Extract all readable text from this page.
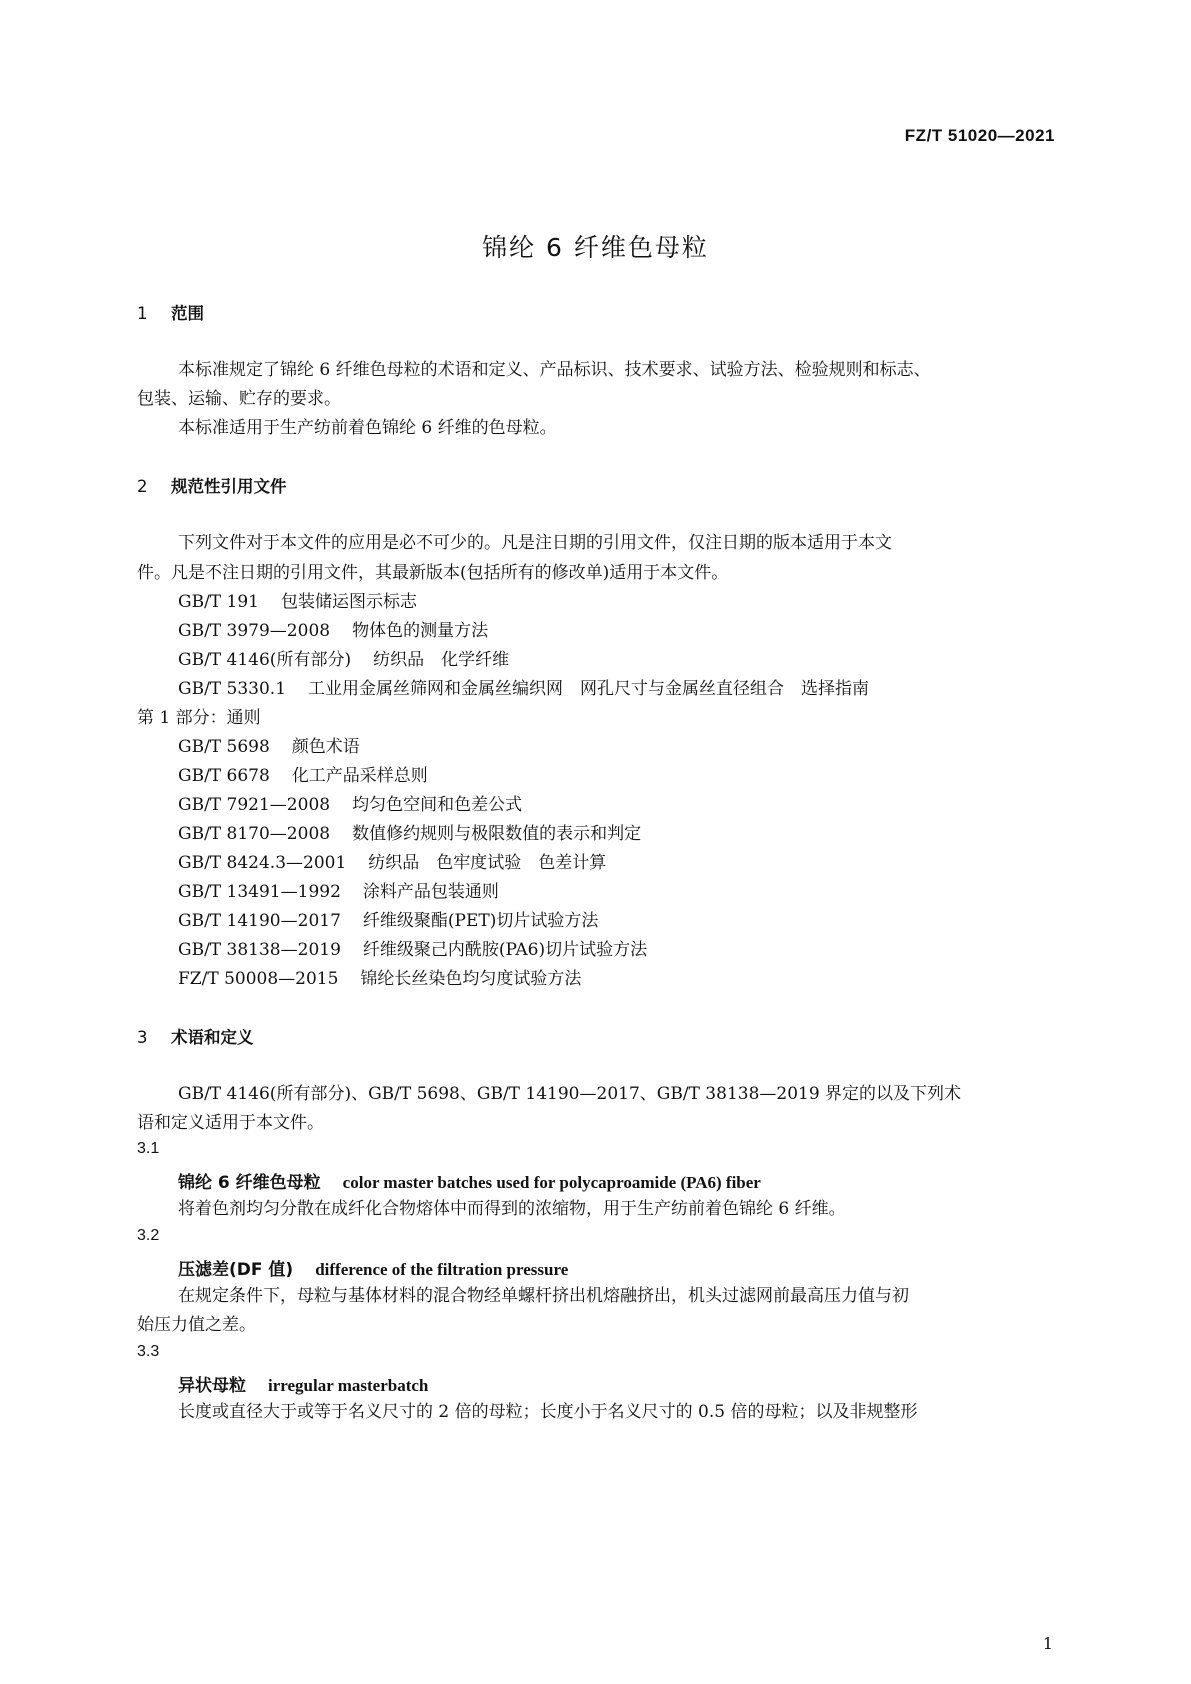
FZ/T 51020—2021
锦纶 6 纤维色母粒
1 范围
本标准规定了锦纶 6 纤维色母粒的术语和定义、产品标识、技术要求、试验方法、检验规则和标志、
包装、运输、贮存的要求。
本标准适用于生产纺前着色锦纶 6 纤维的色母粒。
2 规范性引用文件
下列文件对于本文件的应用是必不可少的。凡是注日期的引用文件，仅注日期的版本适用于本文
件。凡是不注日期的引用文件，其最新版本(包括所有的修改单)适用于本文件。
GB/T 191 包装储运图示标志
GB/T 3979—2008 物体色的测量方法
GB/T 4146(所有部分) 纺织品　化学纤维
GB/T 5330.1 工业用金属丝筛网和金属丝编织网　网孔尺寸与金属丝直径组合　选择指南
第 1 部分：通则
GB/T 5698 颜色术语
GB/T 6678 化工产品采样总则
GB/T 7921—2008 均匀色空间和色差公式
GB/T 8170—2008 数值修约规则与极限数值的表示和判定
GB/T 8424.3—2001 纺织品　色牢度试验　色差计算
GB/T 13491—1992 涂料产品包装通则
GB/T 14190—2017 纤维级聚酯(PET)切片试验方法
GB/T 38138—2019 纤维级聚己内酰胺(PA6)切片试验方法
FZ/T 50008—2015 锦纶长丝染色均匀度试验方法
3 术语和定义
GB/T 4146(所有部分)、GB/T 5698、GB/T 14190—2017、GB/T 38138—2019 界定的以及下列术
语和定义适用于本文件。
3.1
锦纶 6 纤维色母粒 color master batches used for polycaproamide (PA6) fiber
将着色剂均匀分散在成纤化合物熔体中而得到的浓缩物，用于生产纺前着色锦纶 6 纤维。
3.2
压滤差(DF 值) difference of the filtration pressure
在规定条件下，母粒与基体材料的混合物经单螺杆挤出机熔融挤出，机头过滤网前最高压力值与初
始压力值之差。
3.3
异状母粒 irregular masterbatch
长度或直径大于或等于名义尺寸的 2 倍的母粒；长度小于名义尺寸的 0.5 倍的母粒；以及非规整形
1
